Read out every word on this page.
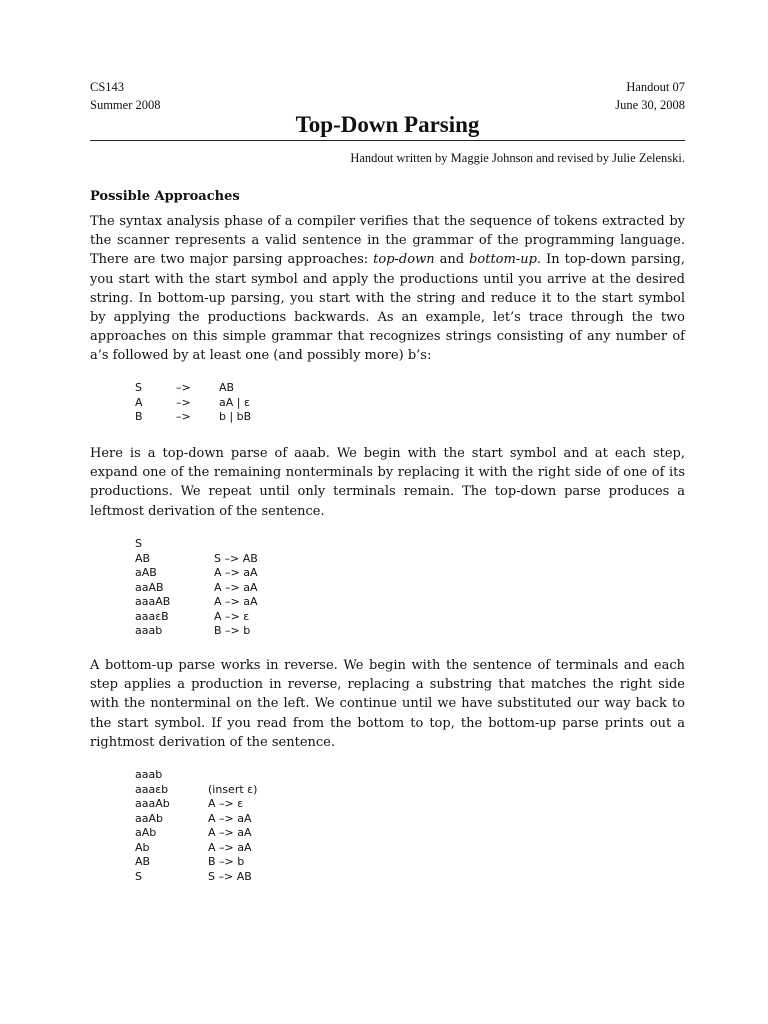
CS143	Handout 07
Summer 2008	June 30, 2008
Top-Down Parsing
Handout written by Maggie Johnson and revised by Julie Zelenski.
Possible Approaches

The syntax analysis phase of a compiler verifies that the sequence of tokens extracted by the scanner represents a valid sentence in the grammar of the programming language. There are two major parsing approaches: top-down and bottom-up. In top-down parsing, you start with the start symbol and apply the productions until you arrive at the desired string. In bottom-up parsing, you start with the string and reduce it to the start symbol by applying the productions backwards. As an example, let’s trace through the two approaches on this simple grammar that recognizes strings consisting of any number of a’s followed by at least one (and possibly more) b’s:

S	–>	AB
A	–>	aA | ε
B	–>	b | bB

Here is a top-down parse of aaab. We begin with the start symbol and at each step, expand one of the remaining nonterminals by replacing it with the right side of one of its productions. We repeat until only terminals remain. The top-down parse produces a leftmost derivation of the sentence.

S
AB	S –> AB
aAB	A –> aA
aaAB	A –> aA
aaaAB	A –> aA
aaaεB	A –> ε
aaab	B –> b

A bottom-up parse works in reverse. We begin with the sentence of terminals and each step applies a production in reverse, replacing a substring that matches the right side with the nonterminal on the left. We continue until we have substituted our way back to the start symbol. If you read from the bottom to top, the bottom-up parse prints out a rightmost derivation of the sentence.

aaab
aaaεb	(insert ε)
aaaAb	A –> ε
aaAb	A –> aA
aAb	A –> aA
Ab	A –> aA
AB	B –> b
S	S –> AB
